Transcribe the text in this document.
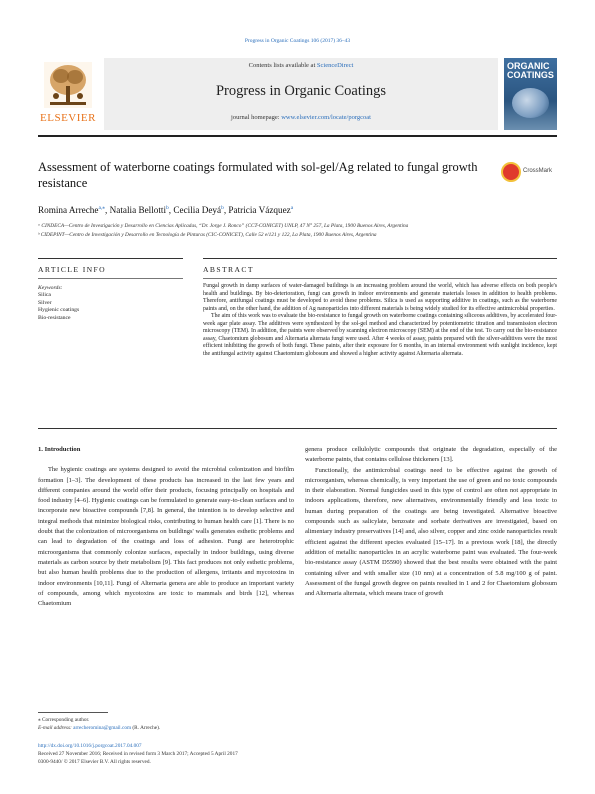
Progress in Organic Coatings 106 (2017) 36–43
ELSEVIER
Contents lists available at ScienceDirect
Progress in Organic Coatings
journal homepage: www.elsevier.com/locate/porgcoat
ORGANIC
COATINGS
Assessment of waterborne coatings formulated with sol-gel/Ag related to fungal growth resistance
CrossMark
Romina Arreche$^{a,⁎}$, Natalia Bellotti$^b$, Cecilia Deyá$^b$, Patricia Vázquez$^a$
ᵃ CINDECA—Centro de Investigación y Desarrollo en Ciencias Aplicadas, “Dr. Jorge J. Ronco” (CCT-CONICET) UNLP, 47 N° 257, La Plata, 1900 Buenos Aires, Argentina
ᵇ CIDEPINT—Centro de Investigación y Desarrollo en Tecnología de Pinturas (CIC-CONICET), Calle 52 e/121 y 122, La Plata, 1900 Buenos Aires, Argentina
ARTICLE INFO	ABSTRACT
Keywords:
Silica
Silver
Hygienic coatings
Bio-resistance

Fungal growth in damp surfaces of water-damaged buildings is an increasing problem around the world, which has adverse effects on both people's health and buildings. By bio-deterioration, fungi can growth in indoor environments and generate materials losses in addition to health problems. Therefore, antifungal coatings must be developed to avoid these problems. Silica is used as supporting additive in coatings, such as the waterborne paints and, on the other hand, the addition of Ag nanoparticles into different materials is being widely studied for its effective antimicrobial properties.

The aim of this work was to evaluate the bio-resistance to fungal growth on waterborne coatings containing siliceous additives, by accelerated four-week agar plate assay. The additives were synthesized by the sol-gel method and characterized by potentiometric titration and transmission electron microscopy (TEM). In addition, the paints were observed by scanning electron microscopy (SEM) at the end of the test. To carry out the bio-resistance assay, Chaetomium globosum and Alternaria alternata fungi were used. After 4 weeks of assay, paints prepared with the silver-additives were the most efficient inhibiting the growth of both fungi. These paints, after their exposure for 6 months, in an internal environment with sunlight incidence, kept the antifungal activity against Chaetomium globosum and showed a higher activity against Alternaria alternata.

1. Introduction

The hygienic coatings are systems designed to avoid the microbial colonization and biofilm formation [1–3]. The development of these products has increased in the last few years and different companies around the world offer their products, focusing principally on hospitals and food industry [4–6]. Hygienic coatings can be formulated to generate easy-to-clean surfaces and to incorporate new bioactive compounds [7,8]. In general, the intention is to develop selective and integral methods that minimize biological risks, contributing to human health care [1]. There is no doubt that the colonization of microorganisms on buildings' walls generates esthetic problems and can lead to degradation of the coatings and loss of adhesion. Fungi are heterotrophic microorganisms that commonly colonize surfaces, especially in indoor buildings, using diverse materials as carbon source by their metabolism [9]. This fact produces not only esthetic problems, but also human health problems due to the production of allergens, irritants and mycotoxins in indoor environments [10,11]. Fungi of Alternaria genera are able to produce an important variety of compounds, among which mycotoxins are toxic to mammals and birds [12], whereas Chaetomium

genera produce cellulolytic compounds that originate the degradation, especially of the waterborne paints, that contains cellulose thickeners [13].

Functionally, the antimicrobial coatings need to be effective against the growth of microorganism, whereas chemically, is very important the use of green and no toxic compounds in their elaboration. Normal fungicides used in this type of control are often not appropriate in indoors applications, therefore, new alternatives, environmentally friendly and less toxic to human during preparation of the coatings are being investigated. Alternative bioactive compounds such as salicylate, benzoate and sorbate derivatives are investigated, based on alimentary industry preservatives [14] and, also silver, copper and zinc oxide nanoparticles result efficient against the different species evaluated [15–17]. In a previous work [18], the directly addition of metallic nanoparticles in an acrylic waterborne paint was evaluated. The four-week bio-resistance assay (ASTM D5590) showed that the best results were obtained with the paint containing silver and with smaller size (10 nm) at a concentration of 5.8 mg/100 g of paint. Assessment of the fungal growth degree on paints resulted in 1 and 2 for Chaetomium globosum and Alternaria alternata, which means trace of growth

⁎ Corresponding author.
E-mail address: arrecheromina@gmail.com (R. Arreche).
http://dx.doi.org/10.1016/j.porgcoat.2017.04.007
Received 27 November 2016; Received in revised form 3 March 2017; Accepted 5 April 2017
0300-9440/ © 2017 Elsevier B.V. All rights reserved.
